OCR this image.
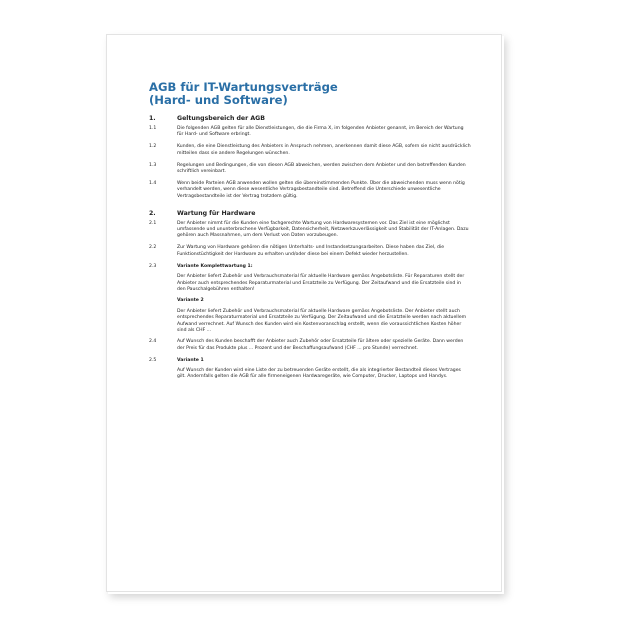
AGB für IT-Wartungsverträge
(Hard- und Software)
1.	Geltungsbereich der AGB
1.1	Die folgenden AGB gelten für alle Dienstleistungen, die die Firma X, im folgenden Anbieter genannt, im Bereich der Wartung für Hard- und Software erbringt.
1.2	Kunden, die eine Dienstleistung des Anbieters in Anspruch nehmen, anerkennen damit diese AGB, sofern sie nicht ausdrücklich mitteilen dass sie andere Regelungen wünschen.
1.3	Regelungen und Bedingungen, die von diesen AGB abweichen, werden zwischen dem Anbieter und den betreffenden Kunden schriftlich vereinbart.
1.4	Wenn beide Parteien AGB anwenden wollen gelten die übereinstimmenden Punkte. Über die abweichenden muss wenn nötig verhandelt werden, wenn diese wesentliche Vertragsbestandteile sind. Betreffend die Unterschiede unwesentliche Vertragsbestandteile ist der Vertrag trotzdem gültig.
2.	Wartung für Hardware
2.1	Der Anbieter nimmt für die Kunden eine fachgerechte Wartung von Hardwaresystemen vor. Das Ziel ist eine möglichst umfassende und ununterbrochene Verfügbarkeit, Datensicherheit, Netzwerkzuverlässigkeit und Stabilität der IT-Anlagen. Dazu gehören auch Massnahmen, um dem Verlust von Daten vorzubeugen.
2.2	Zur Wartung von Hardware gehören die nötigen Unterhalts- und Instandsetzungsarbeiten. Diese haben das Ziel, die Funktionstüchtigkeit der Hardware zu erhalten und/oder diese bei einem Defekt wieder herzustellen.
2.3	Variante Komplettwartung 1:
Der Anbieter liefert Zubehör und Verbrauchsmaterial für aktuelle Hardware gemäss Angebotsliste. Für Reparaturen stellt der Anbieter auch entsprechendes Reparaturmaterial und Ersatzteile zu Verfügung. Der Zeitaufwand und die Ersatzteile sind in den Pauschalgebühren enthalten!
Variante 2
Der Anbieter liefert Zubehör und Verbrauchsmaterial für aktuelle Hardware gemäss Angebotsliste. Der Anbieter stellt auch entsprechendes Reparaturmaterial und Ersatzteile zu Verfügung. Der Zeitaufwand und die Ersatzteile werden nach aktuellem Aufwand verrechnet. Auf Wunsch des Kunden wird ein Kostenvoranschlag erstellt, wenn die voraussichtlichen Kosten höher sind als CHF ...
2.4	Auf Wunsch des Kunden beschafft der Anbieter auch Zubehör oder Ersatzteile für ältere oder spezielle Geräte. Dann werden der Preis für das Produkte plus ... Prozent und der Beschaffungsaufwand (CHF ... pro Stunde) verrechnet.
2.5	Variante 1
Auf Wunsch der Kunden wird eine Liste der zu betreuenden Geräte erstellt, die als integrierter Bestandteil dieses Vertrages gilt. Andernfalls gelten die AGB für alle firmeneigenen Hardwaregeräte, wie Computer, Drucker, Laptops und Handys.
